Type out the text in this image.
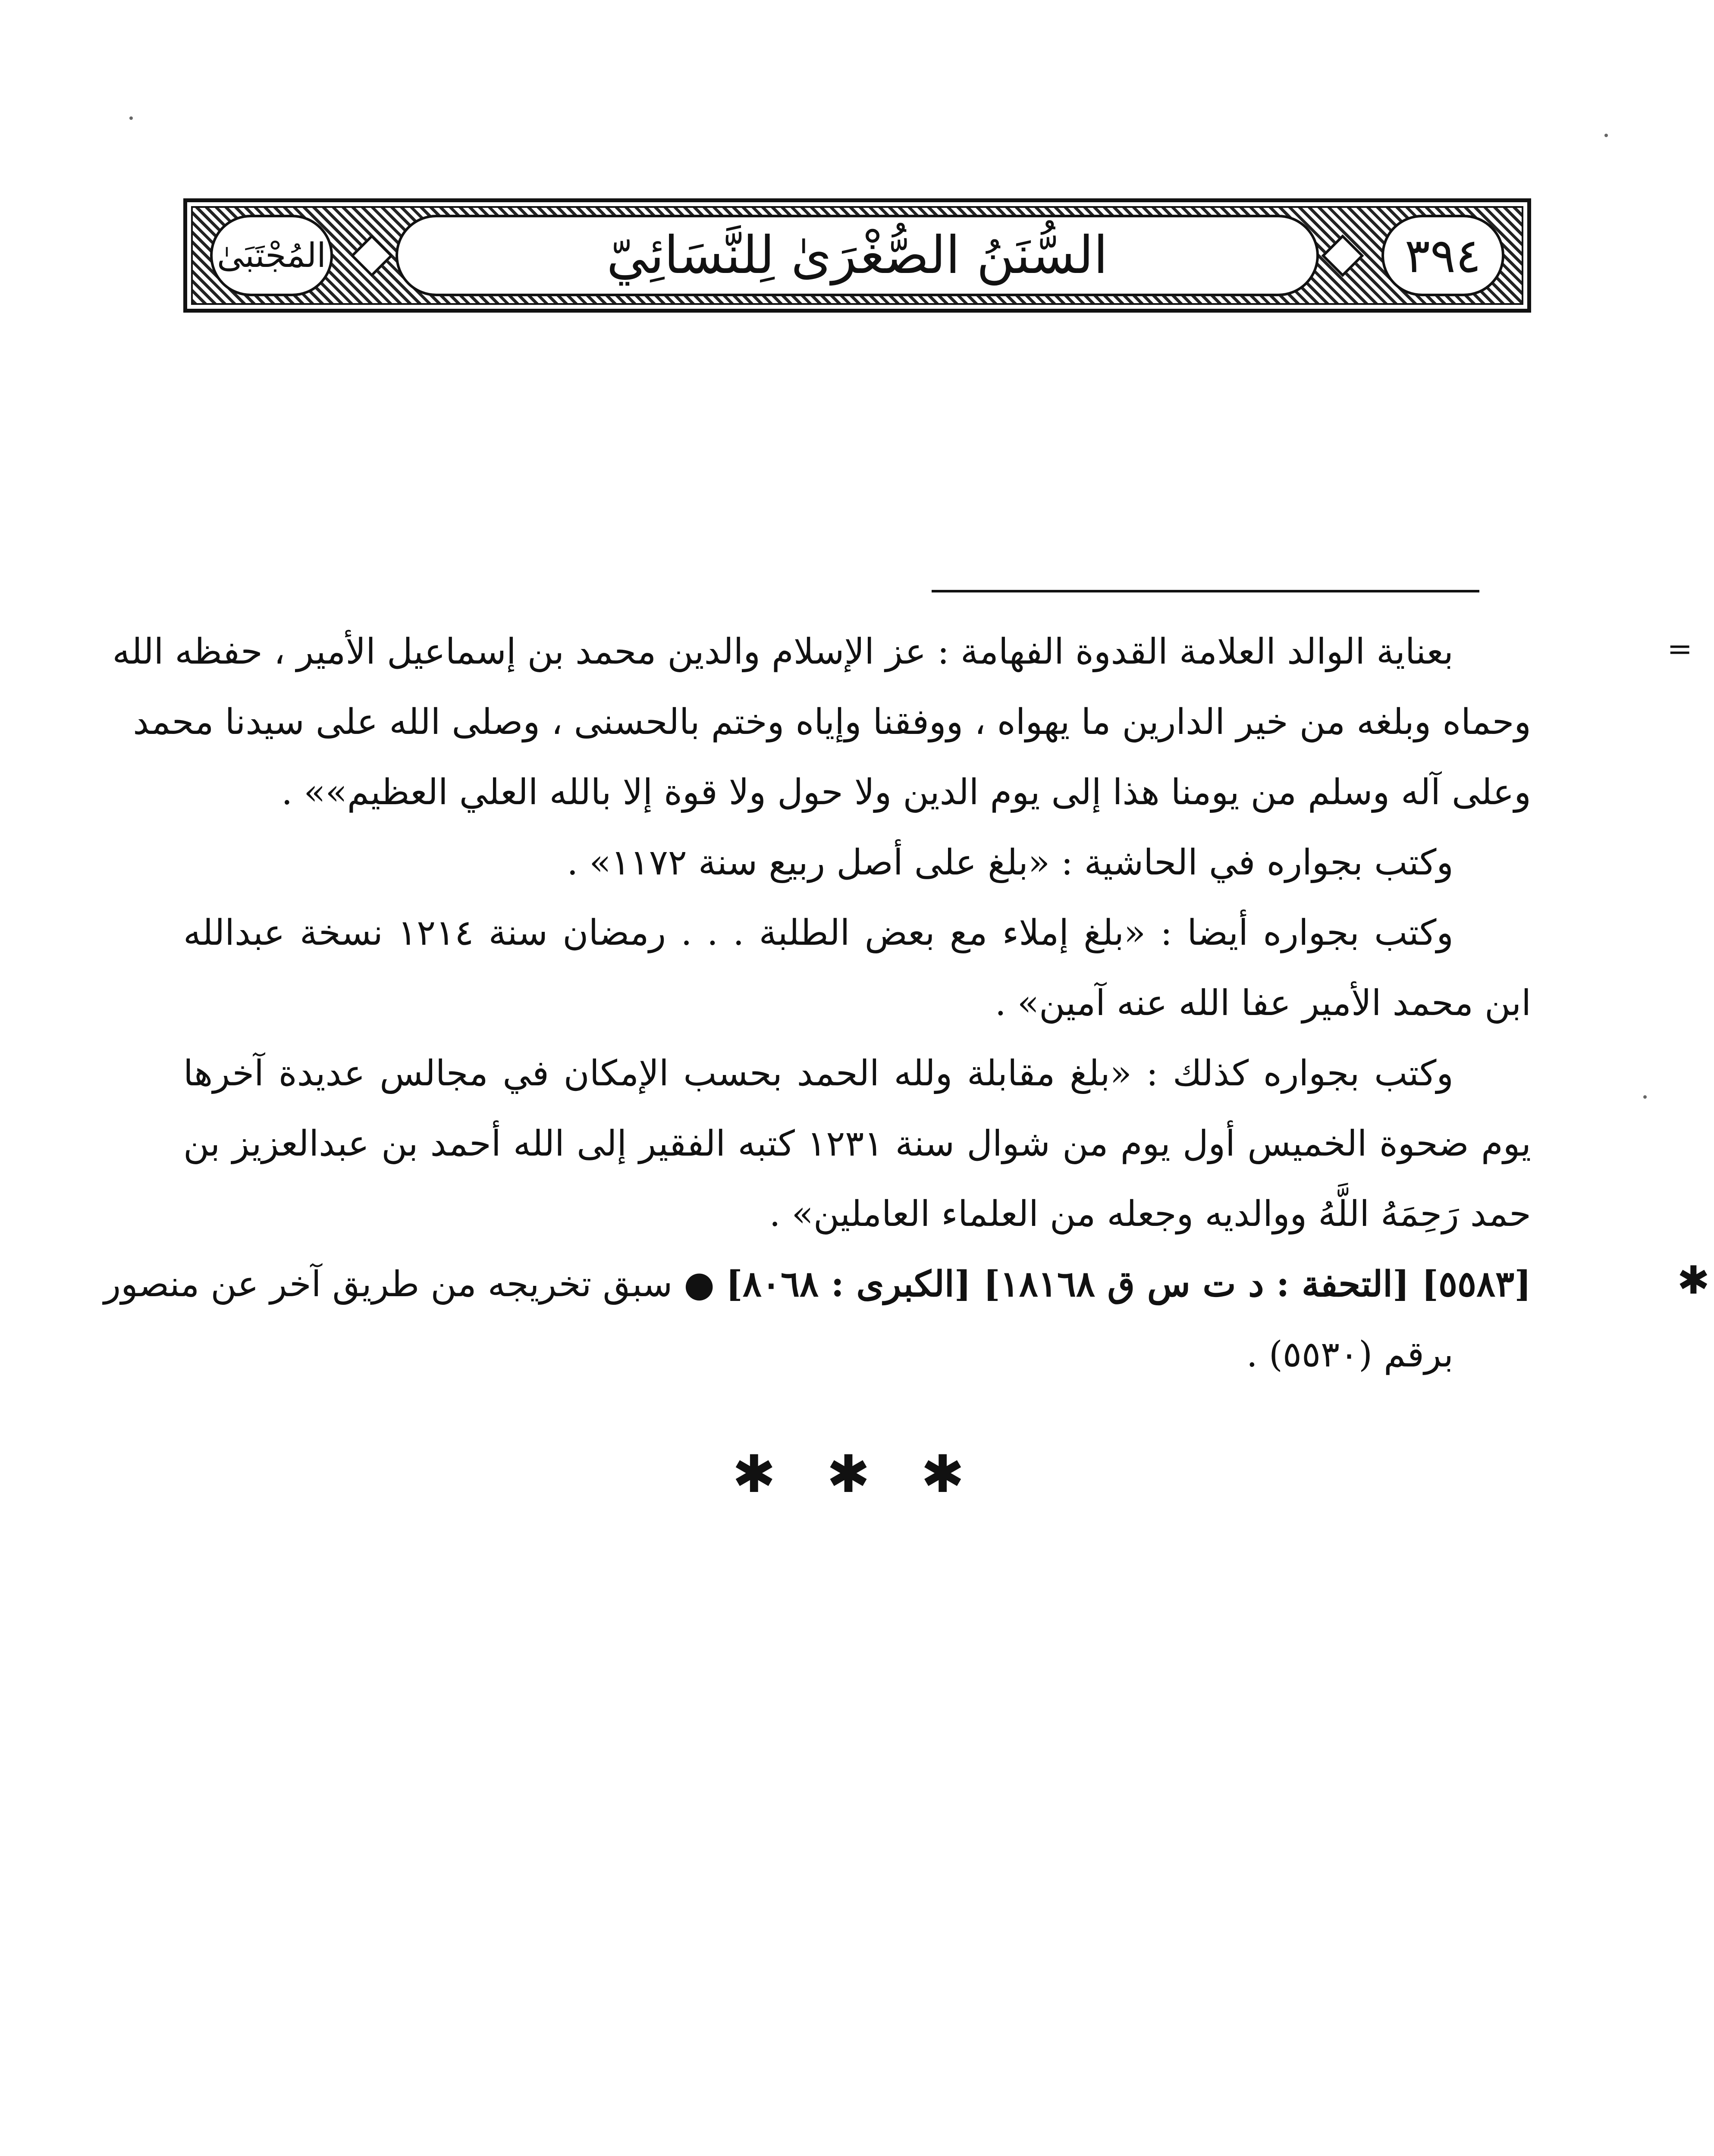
المُجْتَبَىٰ	السُّنَنُ الصُّغْرَىٰ لِلنَّسَائِيّ	٣٩٤
=
بعناية الوالد العلامة القدوة الفهامة : عز الإسلام والدين محمد بن إسماعيل الأمير ، حفظه الله
وحماه وبلغه من خير الدارين ما يهواه ، ووفقنا وإياه وختم بالحسنى ، وصلى الله على سيدنا محمد
وعلى آله وسلم من يومنا هذا إلى يوم الدين ولا حول ولا قوة إلا بالله العلي العظيم»» .
وكتب بجواره في الحاشية : «بلغ على أصل ربيع سنة ١١٧٢» .
وكتب بجواره أيضا : «بلغ إملاء مع بعض الطلبة . . . رمضان سنة ١٢١٤ نسخة عبدالله
ابن محمد الأمير عفا الله عنه آمين» .
وكتب بجواره كذلك : «بلغ مقابلة ولله الحمد بحسب الإمكان في مجالس عديدة آخرها
يوم ضحوة الخميس أول يوم من شوال سنة ١٢٣١ كتبه الفقير إلى الله أحمد بن عبدالعزيز بن
حمد رَحِمَهُ اللَّهُ ووالديه وجعله من العلماء العاملين» .
[٥٥٨٣] [التحفة : د ت س ق ١٨١٦٨] [الكبرى : ٨٠٦٨] ● سبق تخريجه من طريق آخر عن منصور
برقم (٥٥٣٠) .
✱
✱ ✱ ✱
